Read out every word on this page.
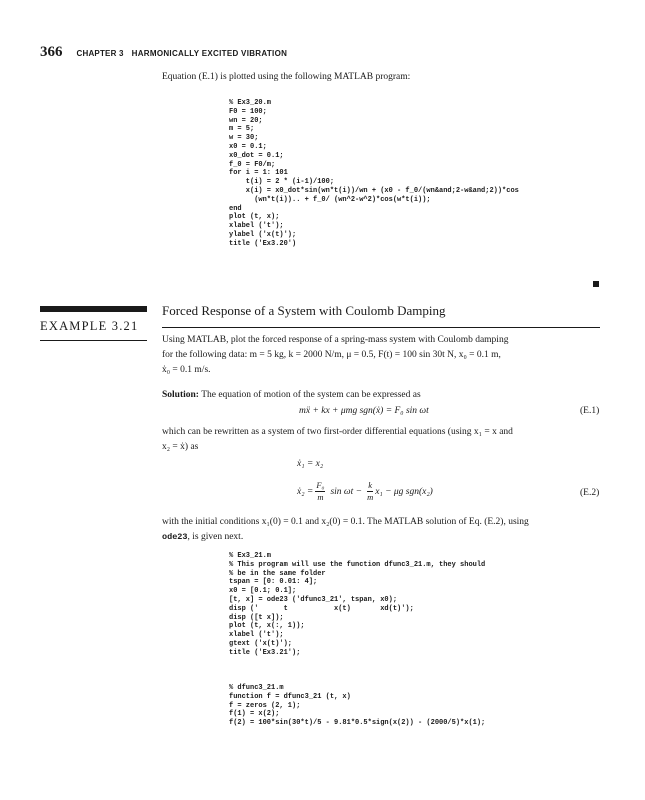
366 CHAPTER 3 HARMONICALLY EXCITED VIBRATION
Equation (E.1) is plotted using the following MATLAB program:
% Ex3_20.m
F0 = 100;
wn = 20;
m = 5;
w = 30;
x0 = 0.1;
x0_dot = 0.1;
f_0 = F0/m;
for i = 1: 101
t(i) = 2 * (i-1)/100;
x(i) = x0_dot*sin(wn*t(i))/wn + (x0 - f_0/(wn&and;2-w&and;2))*cos
(wn*t(i)).. + f_0/ (wn^2-w^2)*cos(w*t(i));
end
plot (t, x);
xlabel ('t');
ylabel ('x(t)');
title ('Ex3.20')
EXAMPLE 3.21
Forced Response of a System with Coulomb Damping
Using MATLAB, plot the forced response of a spring-mass system with Coulomb damping
for the following data: m = 5 kg, k = 2000 N/m, μ = 0.5, F(t) = 100 sin 30t N, x₀ = 0.1 m,
ẋ₀ = 0.1 m/s.
Solution: The equation of motion of the system can be expressed as
mẍ + kx + μmg sgn(ẋ) = F₀ sin ωt	(E.1)
which can be rewritten as a system of two first-order differential equations (using x₁ = x and
x₂ = ẋ) as
ẋ₁ = x₂
ẋ₂ = $\frac{\text{F₀}}{m}$ $\sin \omega t - \frac{k}{m} x_1 - \mu g$ sgn(x₂)	(E.2)
with the initial conditions x₁(0) = 0.1 and x₂(0) = 0.1. The MATLAB solution of Eq. (E.2), using
ode23, is given next.
% Ex3_21.m
% This program will use the function dfunc3_21.m, they should
% be in the same folder
tspan = [0: 0.01: 4];
x0 = [0.1; 0.1];
[t, x] = ode23 ('dfunc3_21', tspan, x0);
disp ('      t           x(t)       xd(t)');
disp ([t x]);
plot (t, x(:, 1));
xlabel ('t');
gtext ('x(t)');
title ('Ex3.21');
% dfunc3_21.m
function f = dfunc3_21 (t, x)
f = zeros (2, 1);
f(1) = x(2);
f(2) = 100*sin(30*t)/5 - 9.81*0.5*sign(x(2)) - (2000/5)*x(1);
